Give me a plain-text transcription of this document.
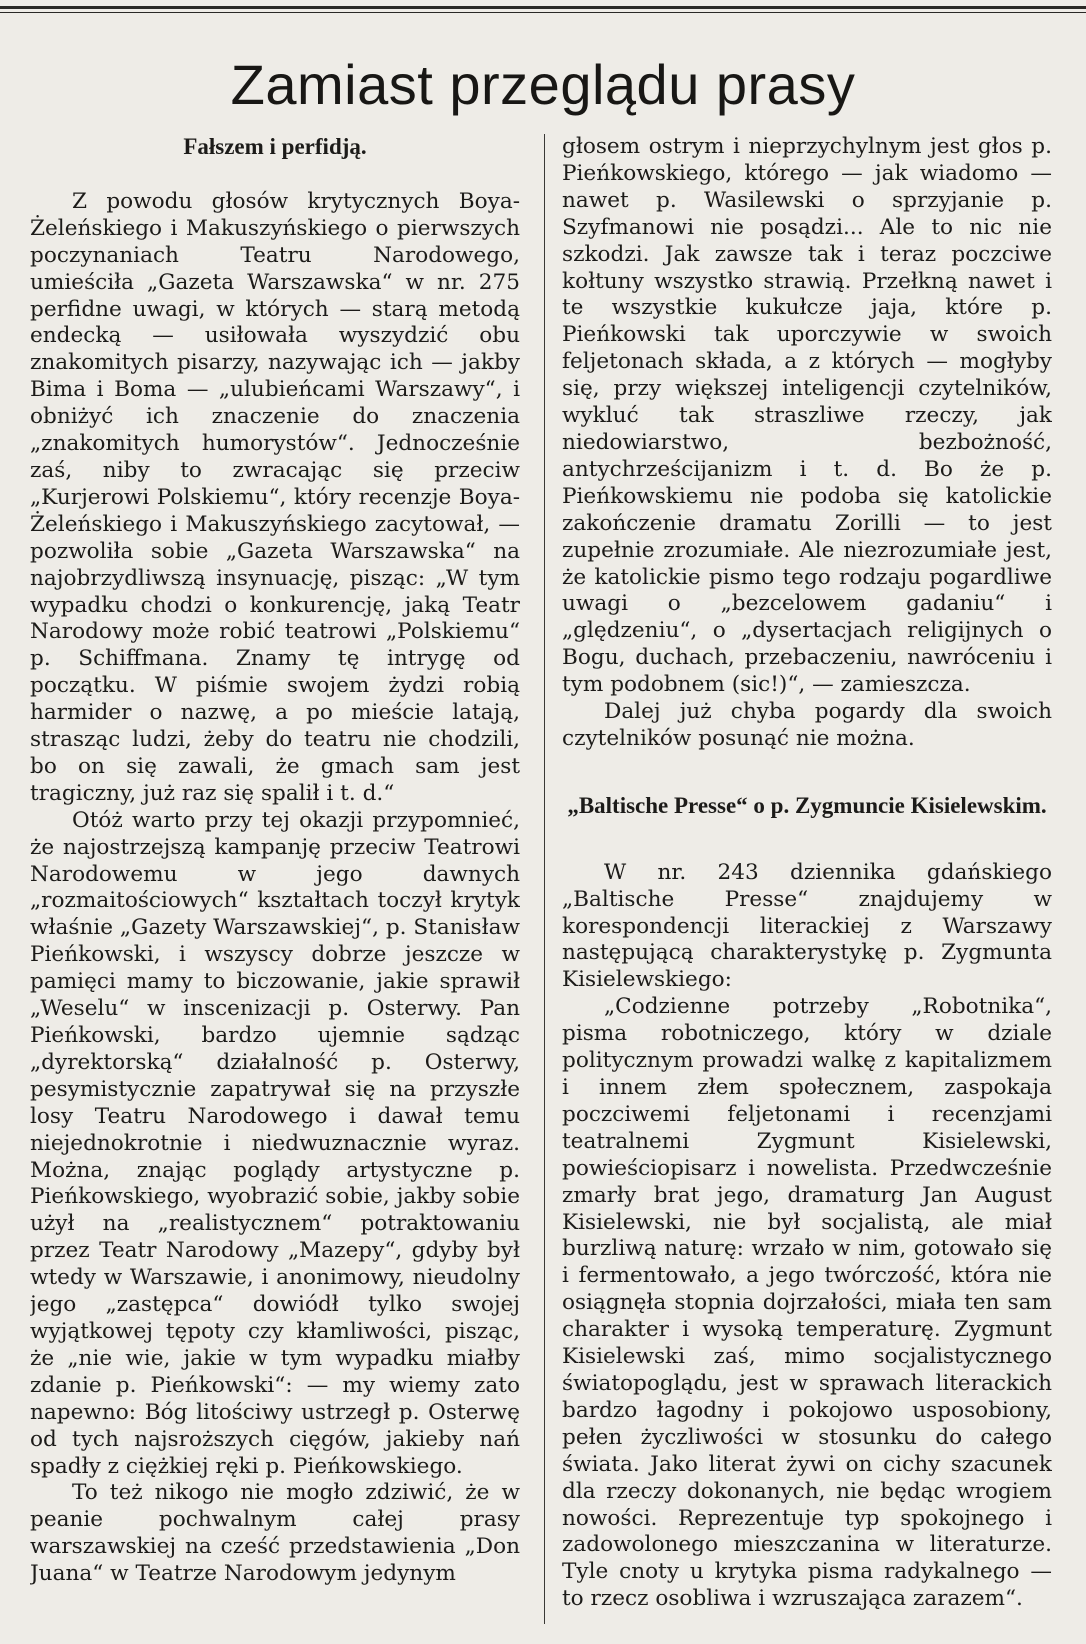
Zamiast przeglądu prasy

Fałszem i perfidją.

Z powodu głosów krytycznych Boya-Żeleńskiego i Makuszyńskiego o pierwszych poczynaniach Teatru Narodowego, umieściła „Gazeta Warszawska“ w nr. 275 perfidne uwagi, w których — starą metodą endecką — usiłowała wyszydzić obu znakomitych pisarzy, nazywając ich — jakby Bima i Boma — „ulubieńcami Warszawy“, i obniżyć ich znaczenie do znaczenia „znakomitych humorystów“. Jednocześnie zaś, niby to zwracając się przeciw „Kurjerowi Polskiemu“, który recenzje Boya-Żeleńskiego i Makuszyńskiego zacytował, — pozwoliła sobie „Gazeta Warszawska“ na najobrzydliwszą insynuację, pisząc: „W tym wypadku chodzi o konkurencję, jaką Teatr Narodowy może robić teatrowi „Polskiemu“ p. Schiffmana. Znamy tę intrygę od początku. W piśmie swojem żydzi robią harmider o nazwę, a po mieście latają, strasząc ludzi, żeby do teatru nie chodzili, bo on się zawali, że gmach sam jest tragiczny, już raz się spalił i t. d.“

Otóż warto przy tej okazji przypomnieć, że najostrzejszą kampanję przeciw Teatrowi Narodowemu w jego dawnych „rozmaitościowych“ kształtach toczył krytyk właśnie „Gazety Warszawskiej“, p. Stanisław Pieńkowski, i wszyscy dobrze jeszcze w pamięci mamy to biczowanie, jakie sprawił „Weselu“ w inscenizacji p. Osterwy. Pan Pieńkowski, bardzo ujemnie sądząc „dyrektorską“ działalność p. Osterwy, pesymistycznie zapatrywał się na przyszłe losy Teatru Narodowego i dawał temu niejednokrotnie i niedwuznacznie wyraz. Można, znając poglądy artystyczne p. Pieńkowskiego, wyobrazić sobie, jakby sobie użył na „realistycznem“ potraktowaniu przez Teatr Narodowy „Mazepy“, gdyby był wtedy w Warszawie, i anonimowy, nieudolny jego „zastępca“ dowiódł tylko swojej wyjątkowej tępoty czy kłamliwości, pisząc, że „nie wie, jakie w tym wypadku miałby zdanie p. Pieńkowski“: — my wiemy zato napewno: Bóg litościwy ustrzegł p. Osterwę od tych najsroższych cięgów, jakieby nań spadły z ciężkiej ręki p. Pieńkowskiego.

To też nikogo nie mogło zdziwić, że w peanie pochwalnym całej prasy warszawskiej na cześć przedstawienia „Don Juana“ w Teatrze Narodowym jedynym

głosem ostrym i nieprzychylnym jest głos p. Pieńkowskiego, którego — jak wiadomo — nawet p. Wasilewski o sprzyjanie p. Szyfmanowi nie posądzi... Ale to nic nie szkodzi. Jak zawsze tak i teraz poczciwe kołtuny wszystko strawią. Przełkną nawet i te wszystkie kukułcze jaja, które p. Pieńkowski tak uporczywie w swoich feljetonach składa, a z których — mogłyby się, przy większej inteligencji czytelników, wykluć tak straszliwe rzeczy, jak niedowiarstwo, bezbożność, antychrześcijanizm i t. d. Bo że p. Pieńkowskiemu nie podoba się katolickie zakończenie dramatu Zorilli — to jest zupełnie zrozumiałe. Ale niezrozumiałe jest, że katolickie pismo tego rodzaju pogardliwe uwagi o „bezcelowem gadaniu“ i „ględzeniu“, o „dysertacjach religijnych o Bogu, duchach, przebaczeniu, nawróceniu i tym podobnem (sic!)“, — zamieszcza.

Dalej już chyba pogardy dla swoich czytelników posunąć nie można.

„Baltische Presse“ o p. Zygmuncie Kisielewskim.

W nr. 243 dziennika gdańskiego „Baltische Presse“ znajdujemy w korespondencji literackiej z Warszawy następującą charakterystykę p. Zygmunta Kisielewskiego:

„Codzienne potrzeby „Robotnika“, pisma robotniczego, który w dziale politycznym prowadzi walkę z kapitalizmem i innem złem społecznem, zaspokaja poczciwemi feljetonami i recenzjami teatralnemi Zygmunt Kisielewski, powieściopisarz i nowelista. Przedwcześnie zmarły brat jego, dramaturg Jan August Kisielewski, nie był socjalistą, ale miał burzliwą naturę: wrzało w nim, gotowało się i fermentowało, a jego twórczość, która nie osiągnęła stopnia dojrzałości, miała ten sam charakter i wysoką temperaturę. Zygmunt Kisielewski zaś, mimo socjalistycznego światopoglądu, jest w sprawach literackich bardzo łagodny i pokojowo usposobiony, pełen życzliwości w stosunku do całego świata. Jako literat żywi on cichy szacunek dla rzeczy dokonanych, nie będąc wrogiem nowości. Reprezentuje typ spokojnego i zadowolonego mieszczanina w literaturze. Tyle cnoty u krytyka pisma radykalnego — to rzecz osobliwa i wzruszająca zarazem“.
